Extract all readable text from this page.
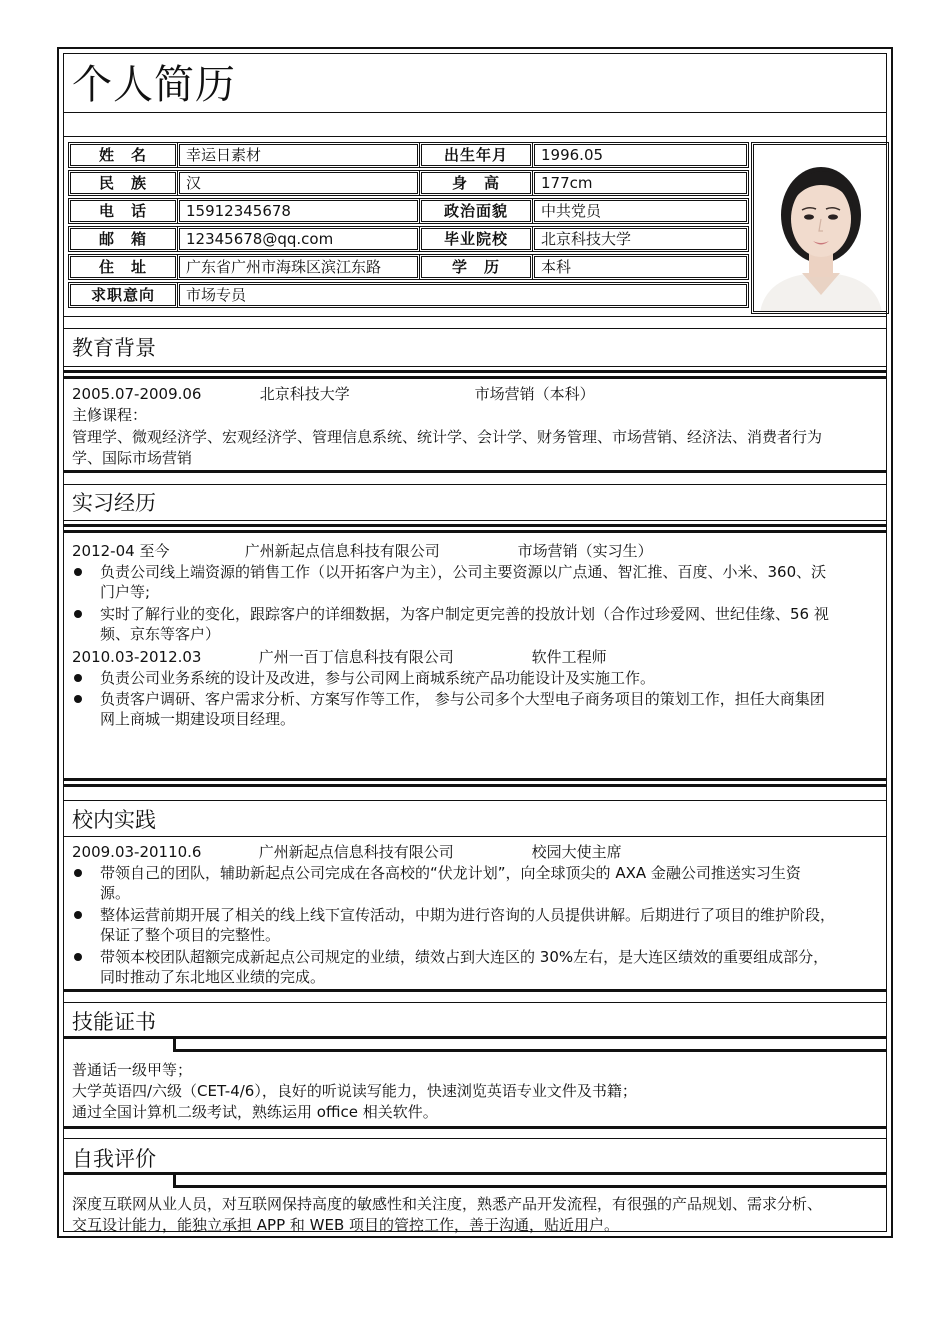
个人简历
姓　名	幸运日素材	出生年月	1996.05
民　族	汉	身　高	177cm
电　话	15912345678	政治面貌	中共党员
邮　箱	12345678@qq.com	毕业院校	北京科技大学
住　址	广东省广州市海珠区滨江东路	学　历	本科
求职意向	市场专员
教育背景
2005.07-2009.06	北京科技大学	市场营销（本科）
主修课程：
管理学、微观经济学、宏观经济学、管理信息系统、统计学、会计学、财务管理、市场营销、经济法、消费者行为
学、国际市场营销
实习经历
2012-04 至今	广州新起点信息科技有限公司	市场营销（实习生）
负责公司线上端资源的销售工作（以开拓客户为主），公司主要资源以广点通、智汇推、百度、小米、360、沃
门户等;
实时了解行业的变化，跟踪客户的详细数据，为客户制定更完善的投放计划（合作过珍爱网、世纪佳缘、56 视
频、京东等客户）
2010.03-2012.03	广州一百丁信息科技有限公司	软件工程师
负责公司业务系统的设计及改进，参与公司网上商城系统产品功能设计及实施工作。
负责客户调研、客户需求分析、方案写作等工作， 参与公司多个大型电子商务项目的策划工作，担任大商集团
网上商城一期建设项目经理。
校内实践
2009.03-20110.6	广州新起点信息科技有限公司	校园大使主席
带领自己的团队，辅助新起点公司完成在各高校的“伏龙计划”，向全球顶尖的 AXA 金融公司推送实习生资
源。
整体运营前期开展了相关的线上线下宣传活动，中期为进行咨询的人员提供讲解。后期进行了项目的维护阶段，
保证了整个项目的完整性。
带领本校团队超额完成新起点公司规定的业绩，绩效占到大连区的 30%左右，是大连区绩效的重要组成部分，
同时推动了东北地区业绩的完成。
技能证书
普通话一级甲等；
大学英语四/六级（CET-4/6），良好的听说读写能力，快速浏览英语专业文件及书籍；
通过全国计算机二级考试，熟练运用 office 相关软件。
自我评价
深度互联网从业人员，对互联网保持高度的敏感性和关注度，熟悉产品开发流程，有很强的产品规划、需求分析、
交互设计能力，能独立承担 APP 和 WEB 项目的管控工作，善于沟通，贴近用户。
